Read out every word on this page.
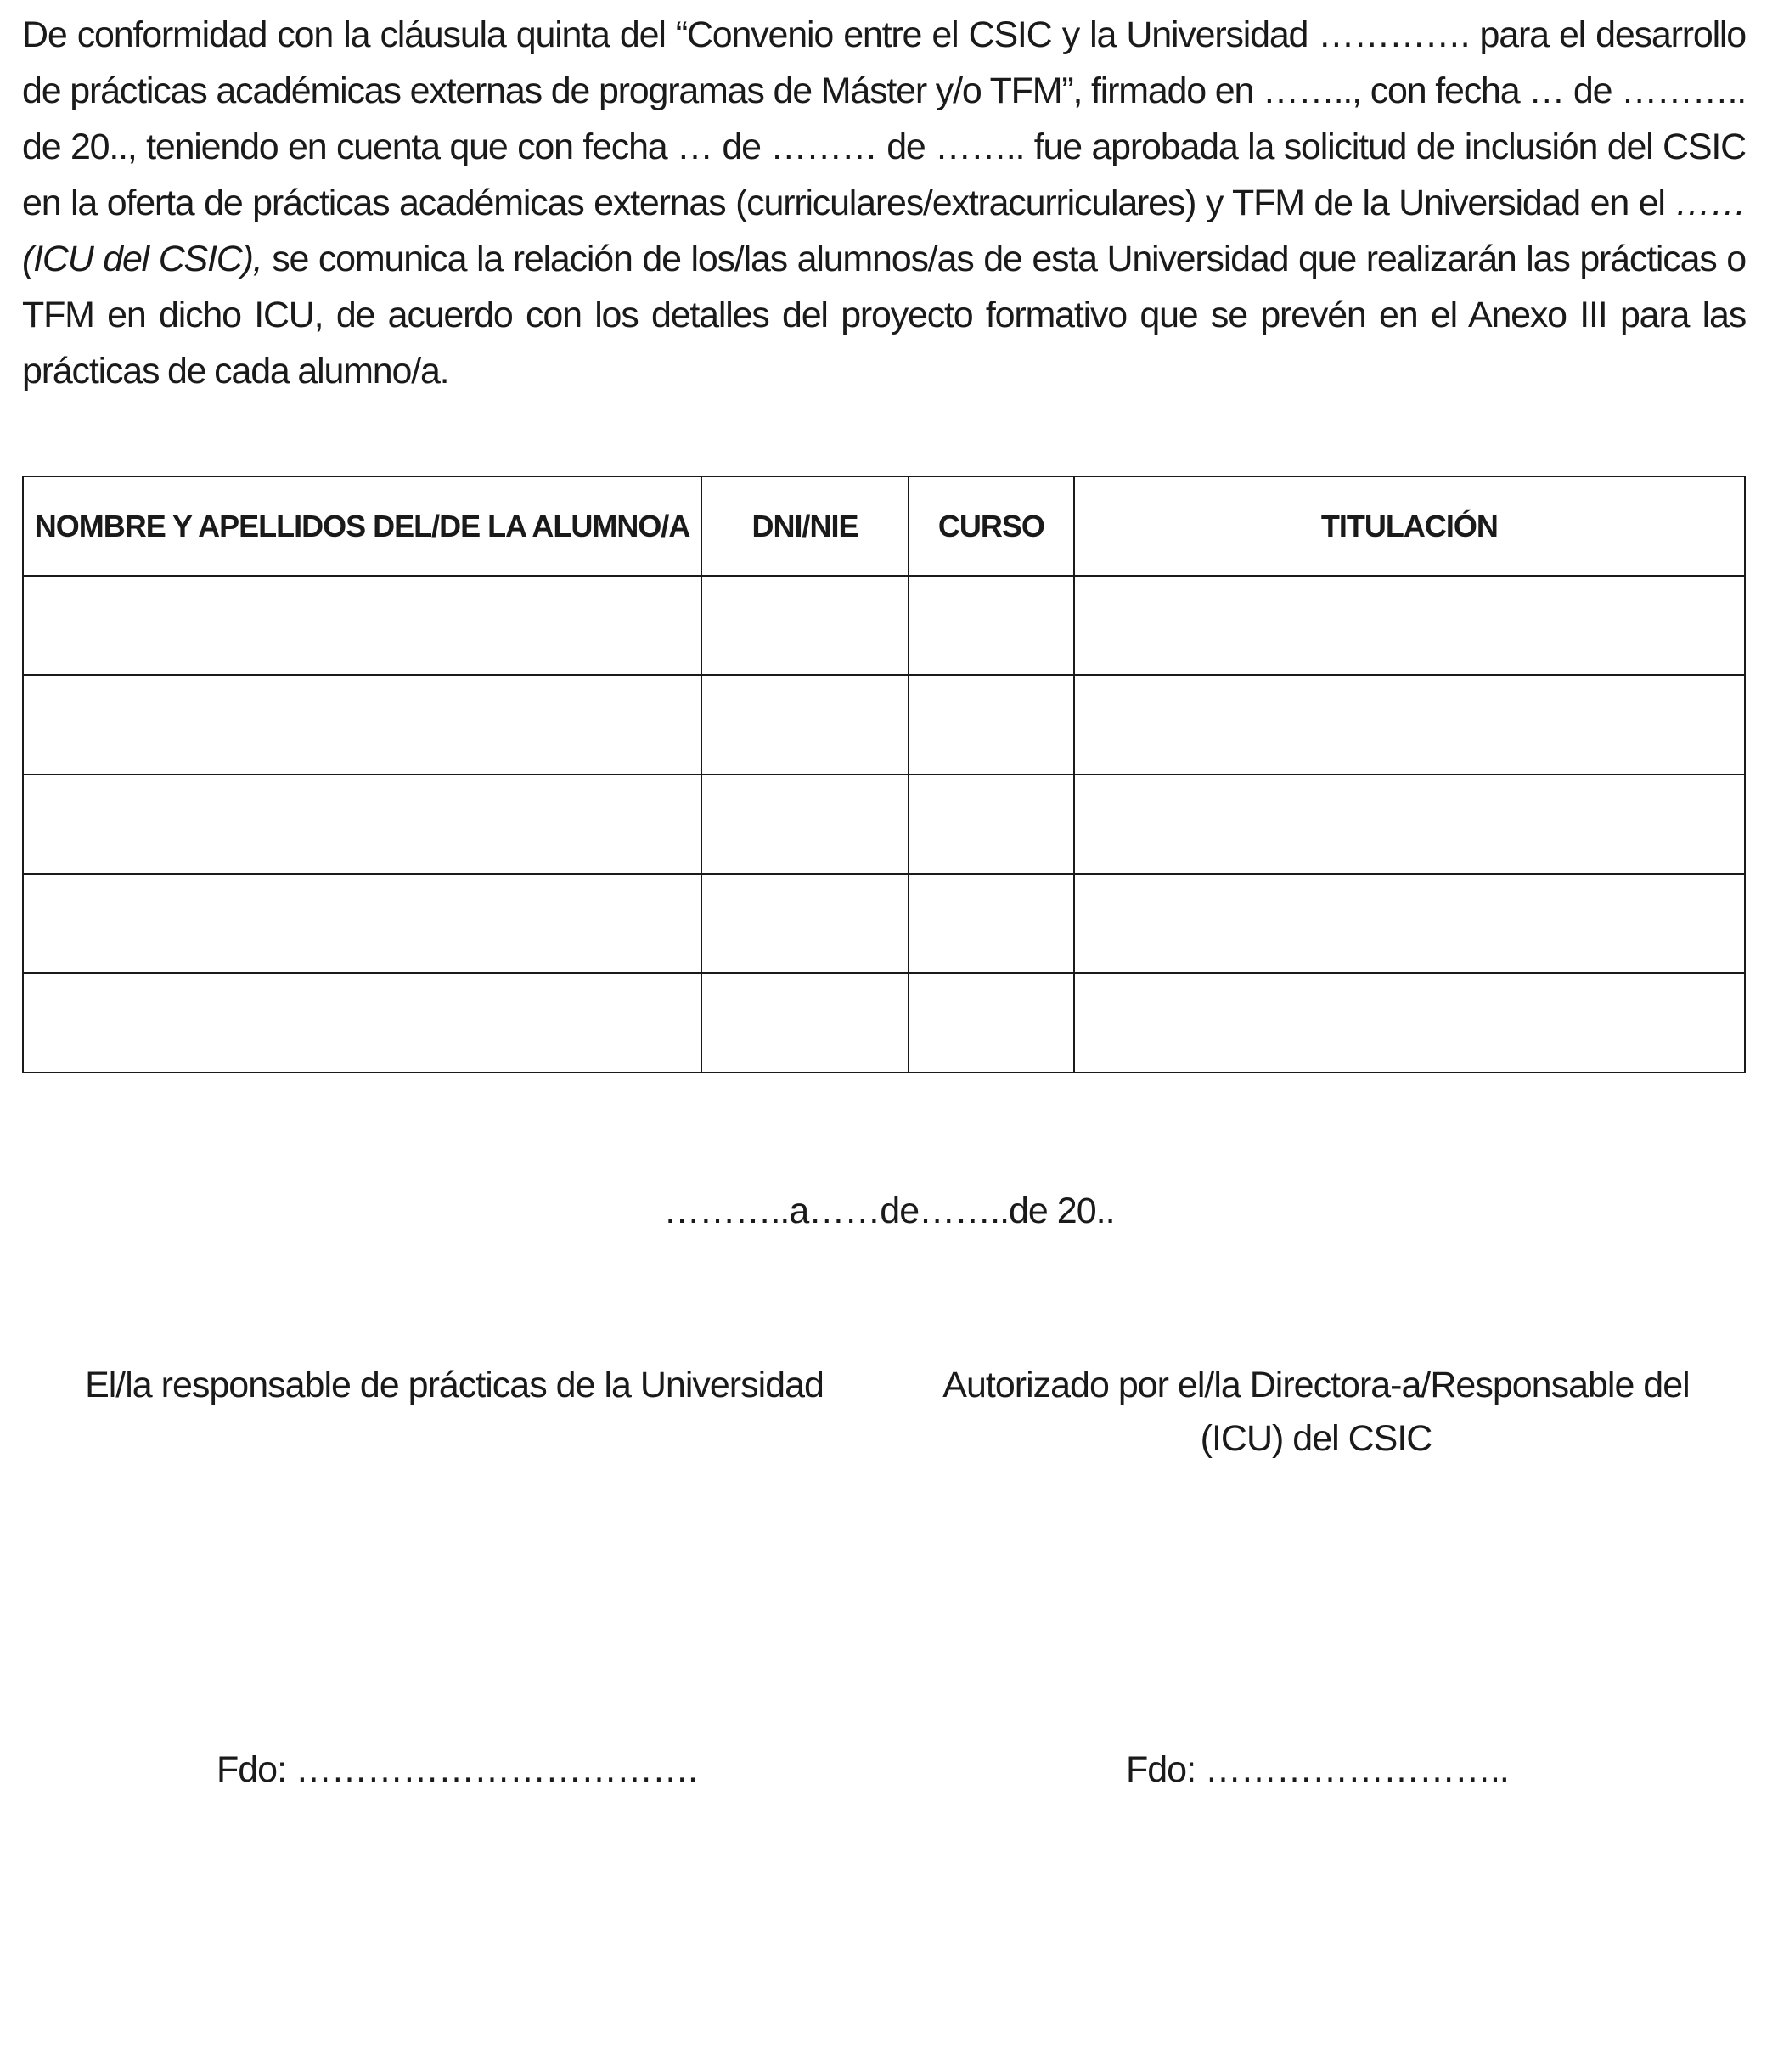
De conformidad con la cláusula quinta del “Convenio entre el CSIC y la Universidad …………. para el desarrollo de prácticas académicas externas de programas de Máster y/o TFM”, firmado en …….., con fecha … de ……….. de 20.., teniendo en cuenta que con fecha … de ……… de …….. fue aprobada la solicitud de inclusión del CSIC en la oferta de prácticas académicas externas (curriculares/extracurriculares) y TFM de la Universidad en el ……(ICU del CSIC), se comunica la relación de los/las alumnos/as de esta Universidad que realizarán las prácticas o TFM en dicho ICU, de acuerdo con los detalles del proyecto formativo que se prevén en el Anexo III para las prácticas de cada alumno/a.
NOMBRE Y APELLIDOS DEL/DE LA ALUMNO/A	DNI/NIE	CURSO	TITULACIÓN

………..a……de……..de 20..
El/la responsable de prácticas de la Universidad	Autorizado por el/la Directora-a/Responsable del
(ICU) del CSIC
Fdo: …………………………….	Fdo: ……………………..
